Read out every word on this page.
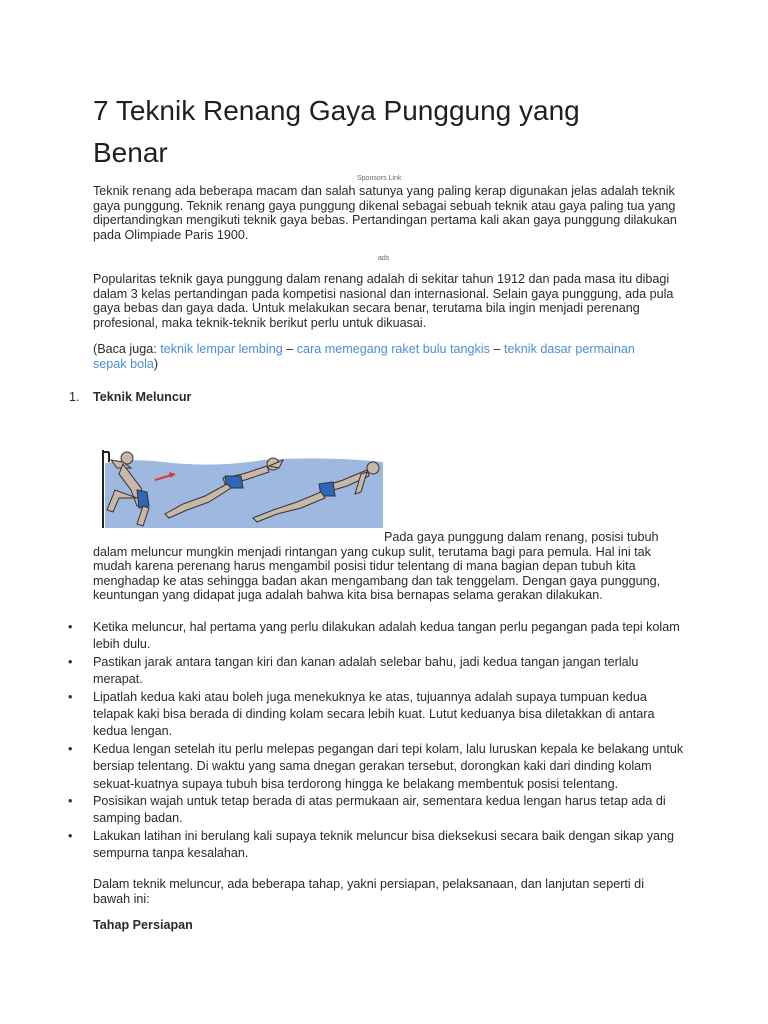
7 Teknik Renang Gaya Punggung yang Benar
Sponsors Link

Teknik renang ada beberapa macam dan salah satunya yang paling kerap digunakan jelas adalah teknik gaya punggung. Teknik renang gaya punggung dikenal sebagai sebuah teknik atau gaya paling tua yang dipertandingkan mengikuti teknik gaya bebas. Pertandingan pertama kali akan gaya punggung dilakukan pada Olimpiade Paris 1900.

ads

Popularitas teknik gaya punggung dalam renang adalah di sekitar tahun 1912 dan pada masa itu dibagi dalam 3 kelas pertandingan pada kompetisi nasional dan internasional. Selain gaya punggung, ada pula gaya bebas dan gaya dada. Untuk melakukan secara benar, terutama bila ingin menjadi perenang profesional, maka teknik-teknik berikut perlu untuk dikuasai.

(Baca juga: teknik lempar lembing – cara memegang raket bulu tangkis – teknik dasar permainan sepak bola)

1. Teknik Meluncur

Pada gaya punggung dalam renang, posisi tubuh dalam meluncur mungkin menjadi rintangan yang cukup sulit, terutama bagi para pemula. Hal ini tak mudah karena perenang harus mengambil posisi tidur telentang di mana bagian depan tubuh kita menghadap ke atas sehingga badan akan mengambang dan tak tenggelam. Dengan gaya punggung, keuntungan yang didapat juga adalah bahwa kita bisa bernapas selama gerakan dilakukan.

• Ketika meluncur, hal pertama yang perlu dilakukan adalah kedua tangan perlu pegangan pada tepi kolam lebih dulu.
• Pastikan jarak antara tangan kiri dan kanan adalah selebar bahu, jadi kedua tangan jangan terlalu merapat.
• Lipatlah kedua kaki atau boleh juga menekuknya ke atas, tujuannya adalah supaya tumpuan kedua telapak kaki bisa berada di dinding kolam secara lebih kuat. Lutut keduanya bisa diletakkan di antara kedua lengan.
• Kedua lengan setelah itu perlu melepas pegangan dari tepi kolam, lalu luruskan kepala ke belakang untuk bersiap telentang. Di waktu yang sama dnegan gerakan tersebut, dorongkan kaki dari dinding kolam sekuat-kuatnya supaya tubuh bisa terdorong hingga ke belakang membentuk posisi telentang.
• Posisikan wajah untuk tetap berada di atas permukaan air, sementara kedua lengan harus tetap ada di samping badan.
• Lakukan latihan ini berulang kali supaya teknik meluncur bisa dieksekusi secara baik dengan sikap yang sempurna tanpa kesalahan.

Dalam teknik meluncur, ada beberapa tahap, yakni persiapan, pelaksanaan, dan lanjutan seperti di bawah ini:

Tahap Persiapan
